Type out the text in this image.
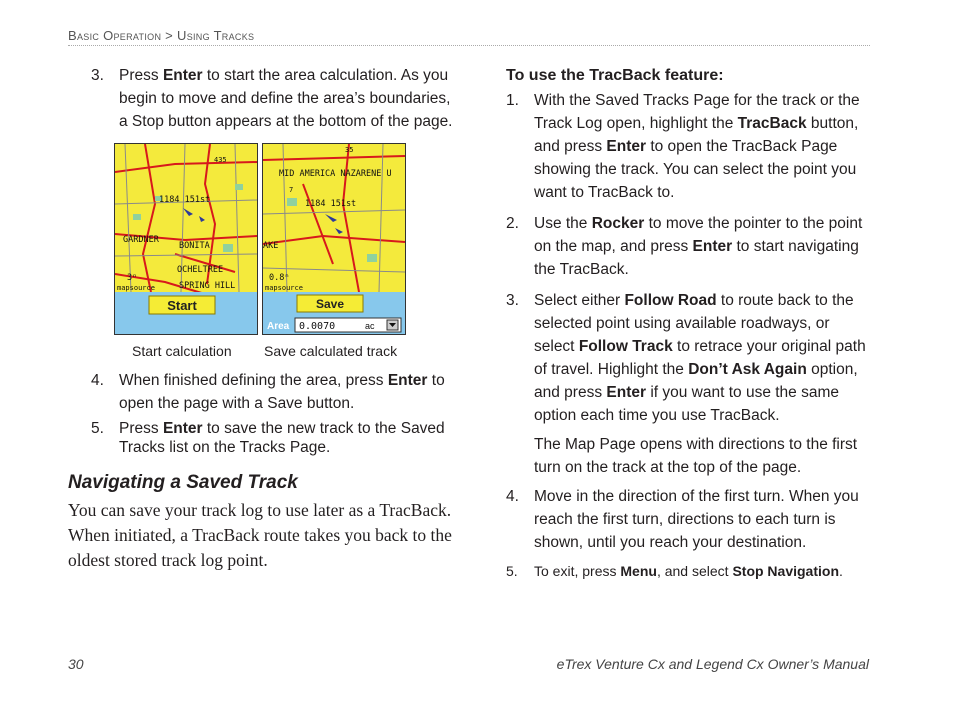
Basic Operation > Using Tracks
3. Press Enter to start the area calculation. As you begin to move and define the area’s boundaries, a Stop button appears at the bottom of the page.
Start
1184 151st
GARDNER
BONITA
OCHELTREE
SPRING HILL
3ⁿ
mapsource
435
Save
Area 0.0070	ac
MID AMERICA NAZARENE U
1184 151st
AKE
0.8ⁿ
mapsource
7
35
Start calculation Save calculated track
4. When finished defining the area, press Enter to open the page with a Save button.
5. Press Enter to save the new track to the Saved Tracks list on the Tracks Page.
Navigating a Saved Track
You can save your track log to use later as a TracBack. When initiated, a TracBack route takes you back to the oldest stored track log point.
To use the TracBack feature:
1. With the Saved Tracks Page for the track or the Track Log open, highlight the TracBack button, and press Enter to open the TracBack Page showing the track. You can select the point you want to TracBack to.
2. Use the Rocker to move the pointer to the point on the map, and press Enter to start navigating the TracBack.
3. Select either Follow Road to route back to the selected point using available roadways, or select Follow Track to retrace your original path of travel. Highlight the Don’t Ask Again option, and press Enter if you want to use the same option each time you use TracBack.
The Map Page opens with directions to the first turn on the track at the top of the page.
4. Move in the direction of the first turn. When you reach the first turn, directions to each turn is shown, until you reach your destination.
5. To exit, press Menu, and select Stop Navigation.
30	eTrex Venture Cx and Legend Cx Owner’s Manual
